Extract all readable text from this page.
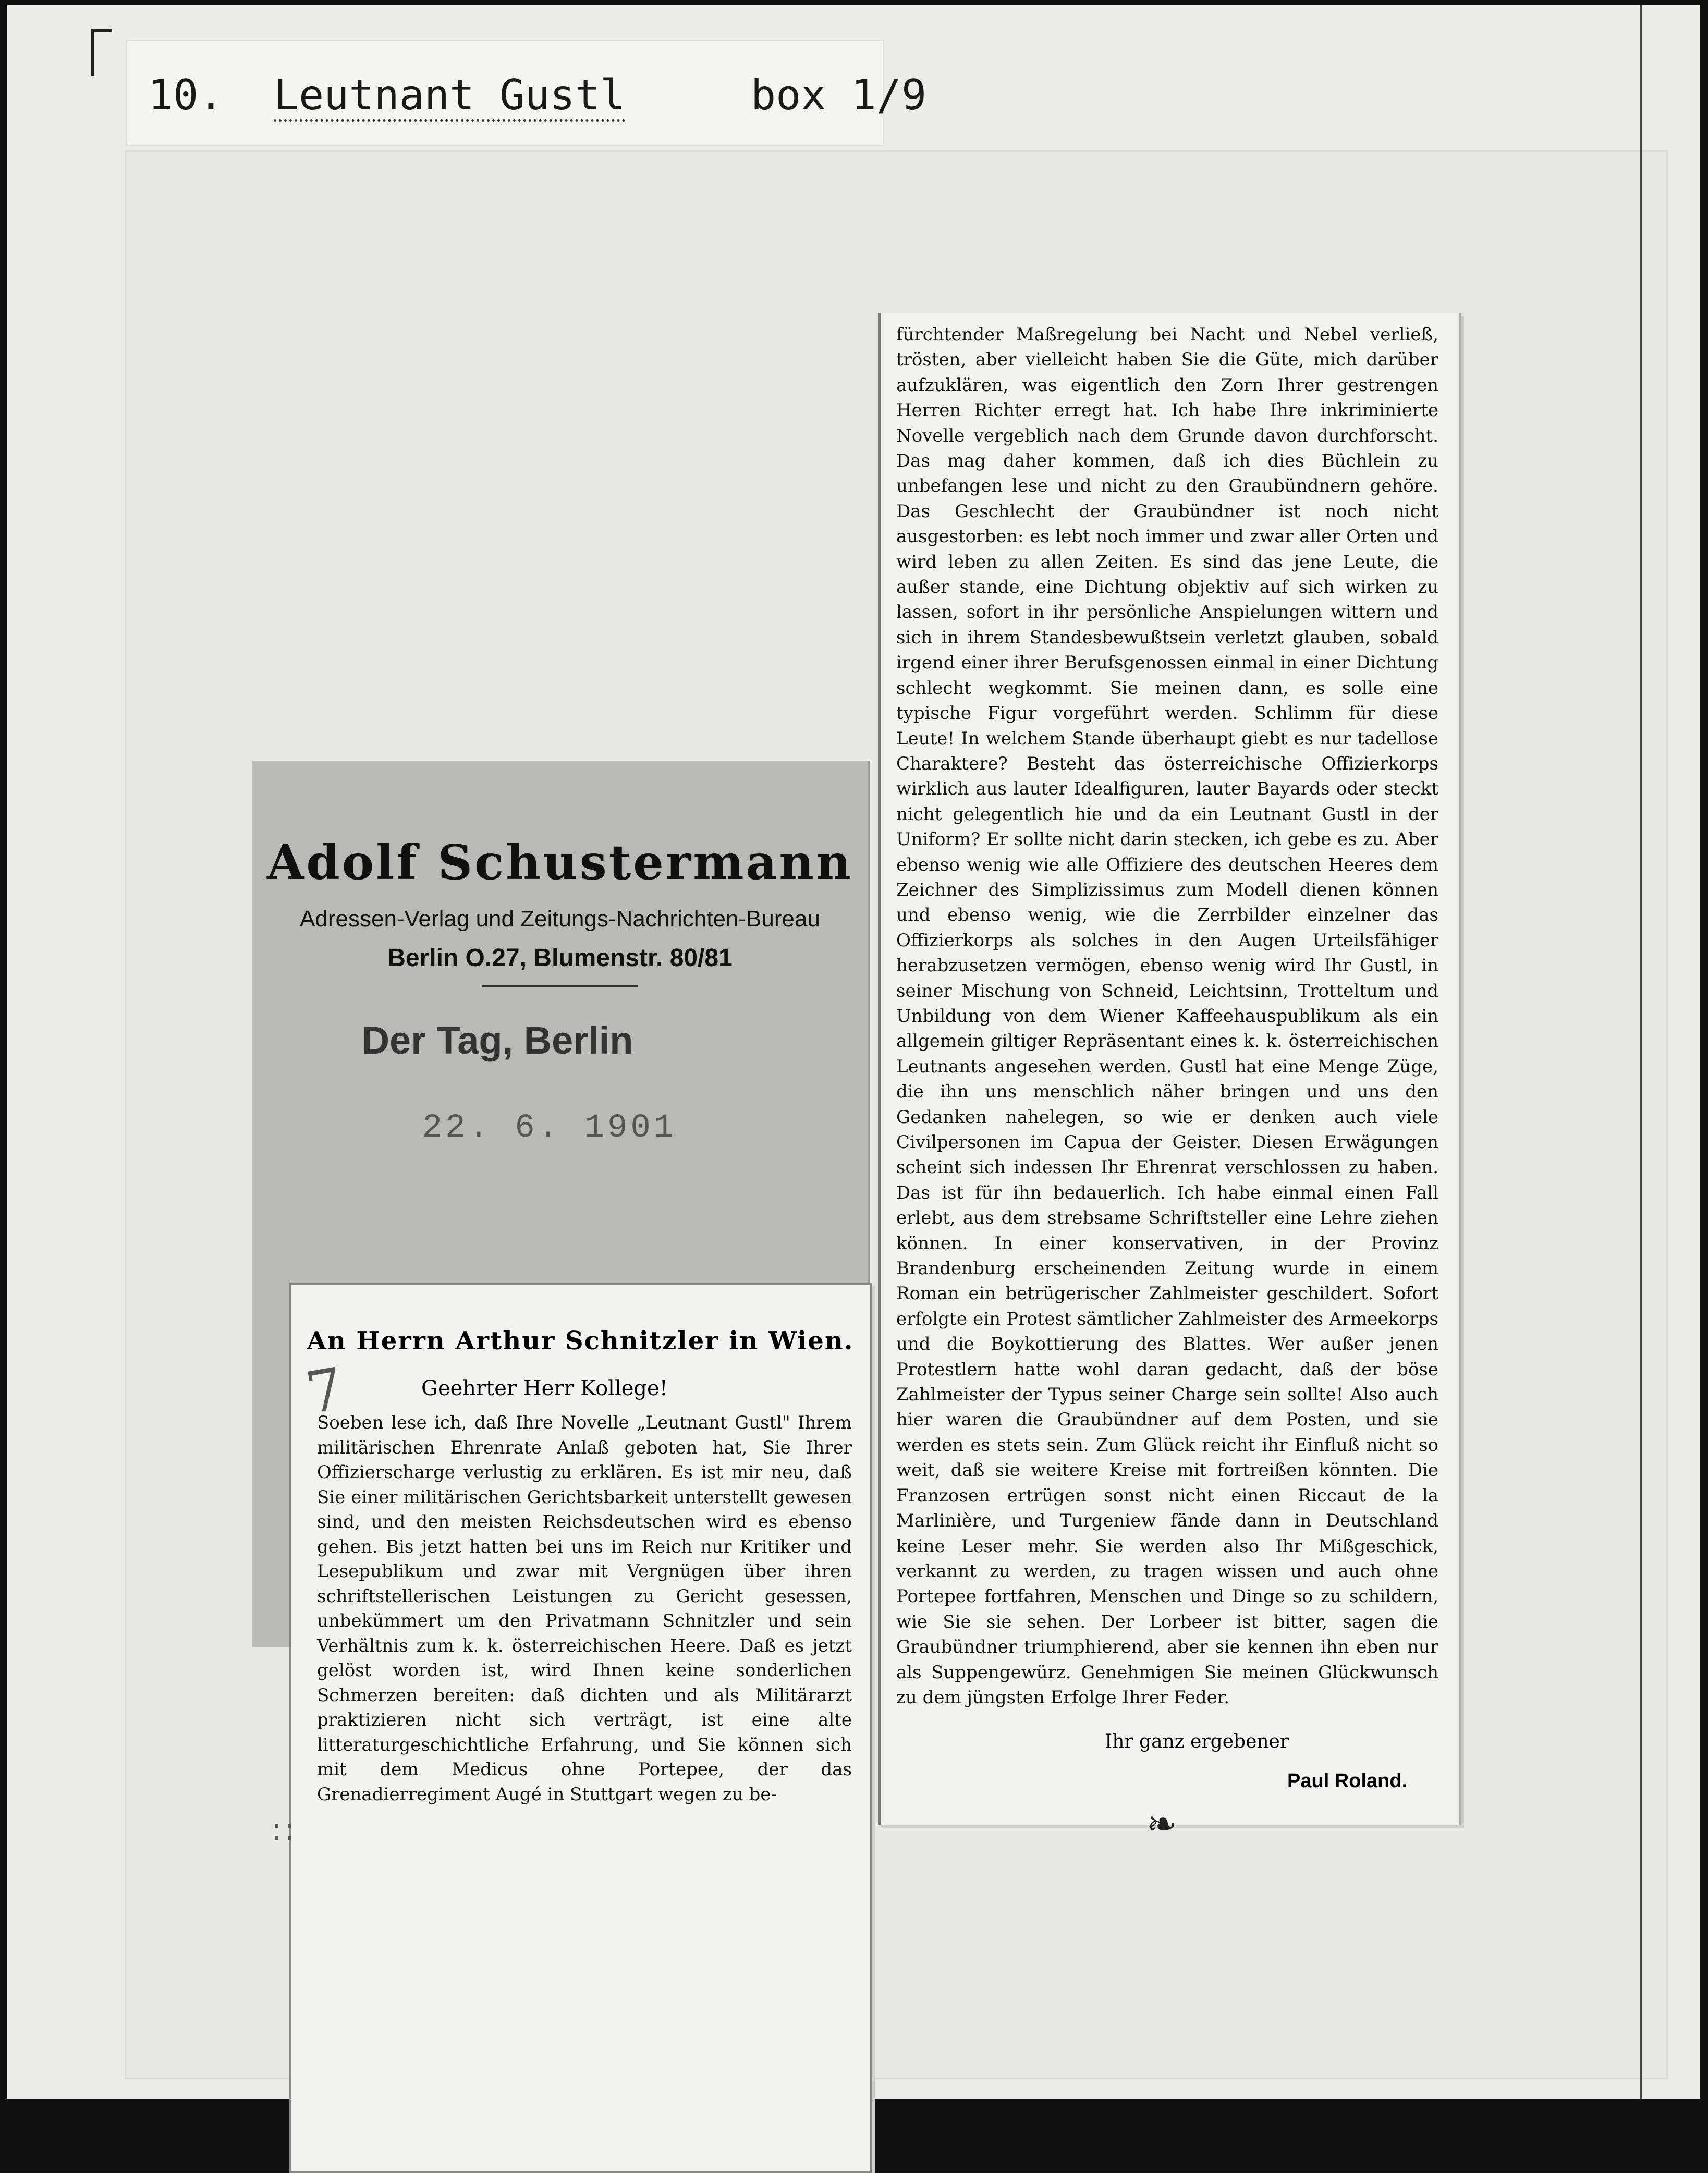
10. Leutnant Gustl	box 1/9
Adolf Schustermann
Adressen-Verlag und Zeitungs-Nachrichten-Bureau
Berlin O.27, Blumenstr. 80/81
Der Tag, Berlin
22. 6. 1901
7
An Herrn Arthur Schnitzler in Wien.
Geehrter Herr Kollege!
Soeben lese ich, daß Ihre Novelle „Leutnant Gustl" Ihrem militärischen Ehrenrate Anlaß geboten hat, Sie Ihrer Offizierscharge verlustig zu erklären. Es ist mir neu, daß Sie einer militärischen Gerichtsbarkeit unterstellt gewesen sind, und den meisten Reichsdeutschen wird es ebenso gehen. Bis jetzt hatten bei uns im Reich nur Kritiker und Lesepublikum und zwar mit Vergnügen über ihren schriftstellerischen Leistungen zu Gericht gesessen, unbekümmert um den Privatmann Schnitzler und sein Verhältnis zum k. k. österreichischen Heere. Daß es jetzt gelöst worden ist, wird Ihnen keine sonderlichen Schmerzen bereiten: daß dichten und als Militärarzt praktizieren nicht sich verträgt, ist eine alte litteraturgeschichtliche Erfahrung, und Sie können sich mit dem Medicus ohne Portepee, der das Grenadierregiment Augé in Stuttgart wegen zu be-
fürchtender Maßregelung bei Nacht und Nebel verließ, trösten, aber vielleicht haben Sie die Güte, mich darüber aufzuklären, was eigentlich den Zorn Ihrer gestrengen Herren Richter erregt hat. Ich habe Ihre inkriminierte Novelle vergeblich nach dem Grunde davon durchforscht. Das mag daher kommen, daß ich dies Büchlein zu unbefangen lese und nicht zu den Graubündnern gehöre. Das Geschlecht der Graubündner ist noch nicht ausgestorben: es lebt noch immer und zwar aller Orten und wird leben zu allen Zeiten. Es sind das jene Leute, die außer stande, eine Dichtung objektiv auf sich wirken zu lassen, sofort in ihr persönliche Anspielungen wittern und sich in ihrem Standesbewußtsein verletzt glauben, sobald irgend einer ihrer Berufsgenossen einmal in einer Dichtung schlecht wegkommt. Sie meinen dann, es solle eine typische Figur vorgeführt werden. Schlimm für diese Leute! In welchem Stande überhaupt giebt es nur tadellose Charaktere? Besteht das österreichische Offizierkorps wirklich aus lauter Idealfiguren, lauter Bayards oder steckt nicht gelegentlich hie und da ein Leutnant Gustl in der Uniform? Er sollte nicht darin stecken, ich gebe es zu. Aber ebenso wenig wie alle Offiziere des deutschen Heeres dem Zeichner des Simplizissimus zum Modell dienen können und ebenso wenig, wie die Zerrbilder einzelner das Offizierkorps als solches in den Augen Urteilsfähiger herabzusetzen vermögen, ebenso wenig wird Ihr Gustl, in seiner Mischung von Schneid, Leichtsinn, Trotteltum und Unbildung von dem Wiener Kaffeehauspublikum als ein allgemein giltiger Repräsentant eines k. k. österreichischen Leutnants angesehen werden. Gustl hat eine Menge Züge, die ihn uns menschlich näher bringen und uns den Gedanken nahelegen, so wie er denken auch viele Civilpersonen im Capua der Geister. Diesen Erwägungen scheint sich indessen Ihr Ehrenrat verschlossen zu haben. Das ist für ihn bedauerlich. Ich habe einmal einen Fall erlebt, aus dem strebsame Schriftsteller eine Lehre ziehen können. In einer konservativen, in der Provinz Brandenburg erscheinenden Zeitung wurde in einem Roman ein betrügerischer Zahlmeister geschildert. Sofort erfolgte ein Protest sämtlicher Zahlmeister des Armeekorps und die Boykottierung des Blattes. Wer außer jenen Protestlern hatte wohl daran gedacht, daß der böse Zahlmeister der Typus seiner Charge sein sollte! Also auch hier waren die Graubündner auf dem Posten, und sie werden es stets sein. Zum Glück reicht ihr Einfluß nicht so weit, daß sie weitere Kreise mit fortreißen könnten. Die Franzosen ertrügen sonst nicht einen Riccaut de la Marlinière, und Turgeniew fände dann in Deutschland keine Leser mehr. Sie werden also Ihr Mißgeschick, verkannt zu werden, zu tragen wissen und auch ohne Portepee fortfahren, Menschen und Dinge so zu schildern, wie Sie sie sehen. Der Lorbeer ist bitter, sagen die Graubündner triumphierend, aber sie kennen ihn eben nur als Suppengewürz. Genehmigen Sie meinen Glückwunsch zu dem jüngsten Erfolge Ihrer Feder.
Ihr ganz ergebener
Paul Roland.
❧
∷
